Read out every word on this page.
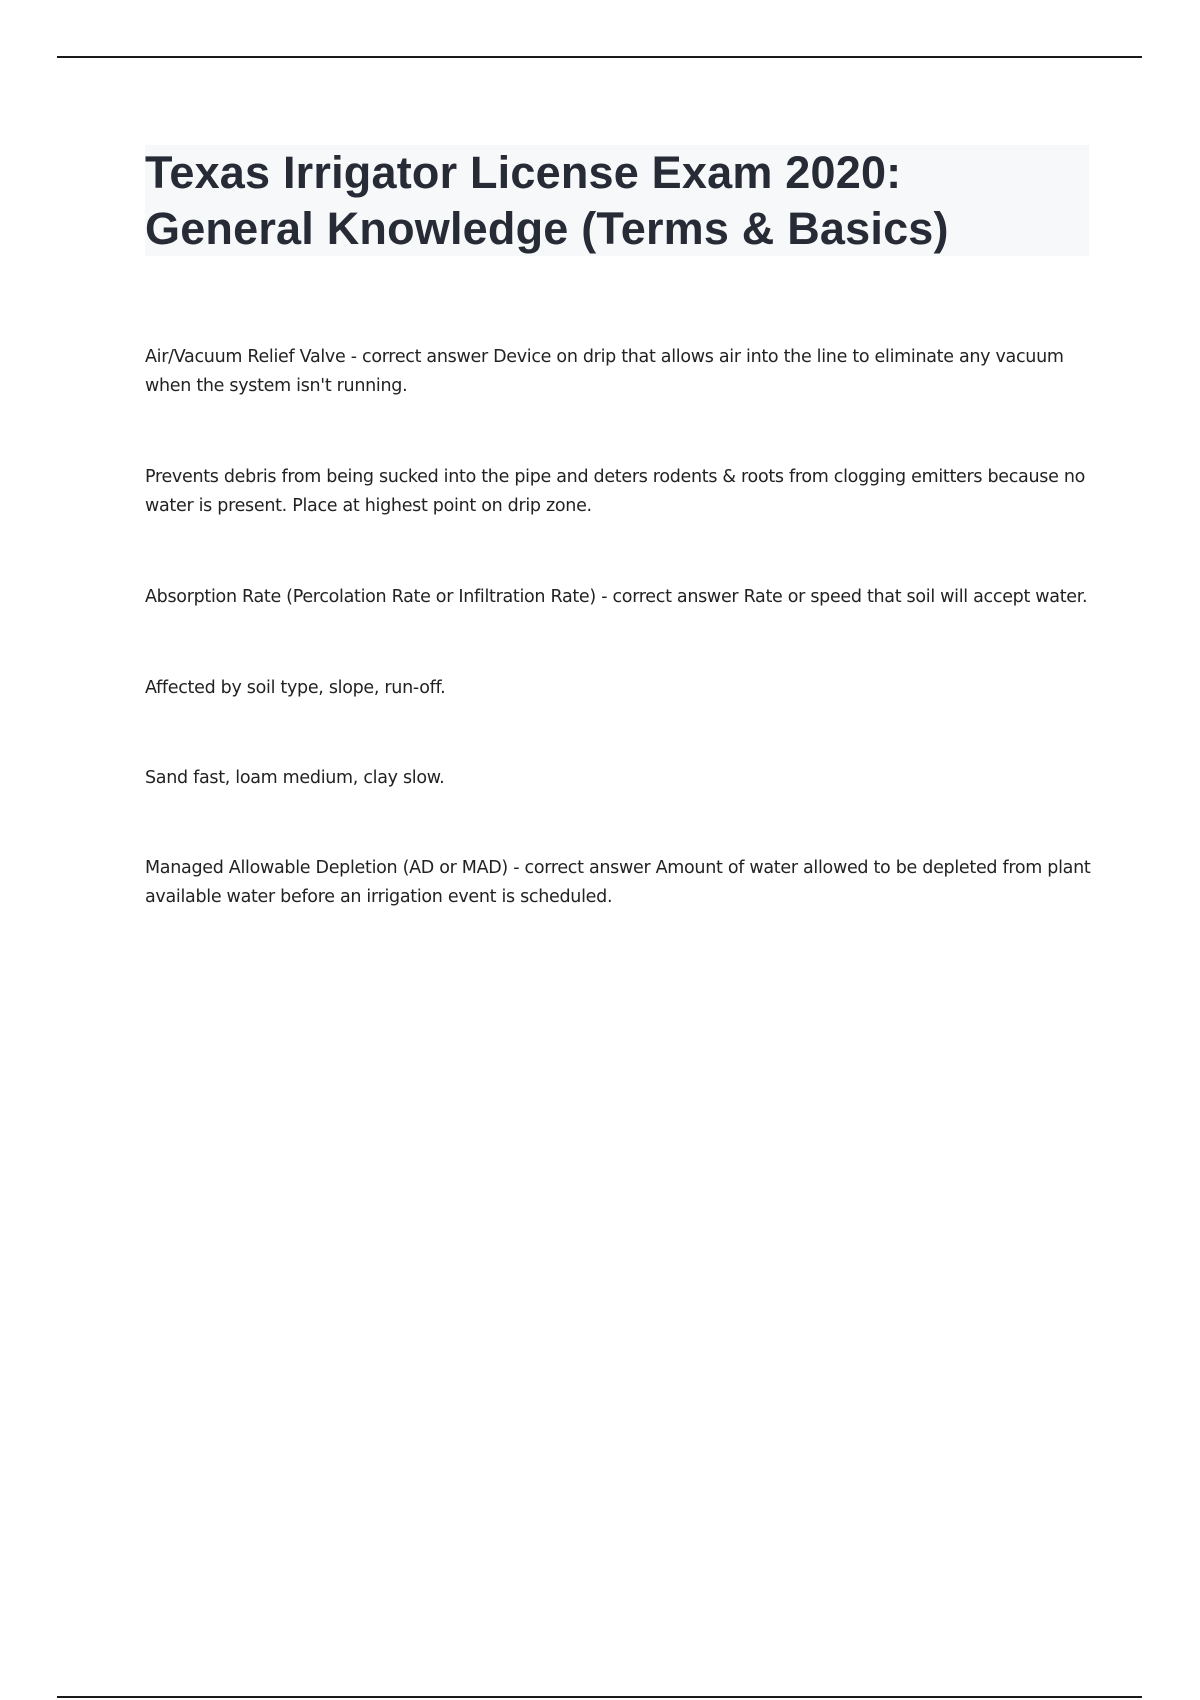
Texas Irrigator License Exam 2020:
General Knowledge (Terms & Basics)

Air/Vacuum Relief Valve - correct answer Device on drip that allows air into the line to eliminate any vacuum when the system isn't running.

Prevents debris from being sucked into the pipe and deters rodents & roots from clogging emitters because no water is present. Place at highest point on drip zone.

Absorption Rate (Percolation Rate or Infiltration Rate) - correct answer Rate or speed that soil will accept water.

Affected by soil type, slope, run-off.

Sand fast, loam medium, clay slow.

Managed Allowable Depletion (AD or MAD) - correct answer Amount of water allowed to be depleted from plant available water before an irrigation event is scheduled.
